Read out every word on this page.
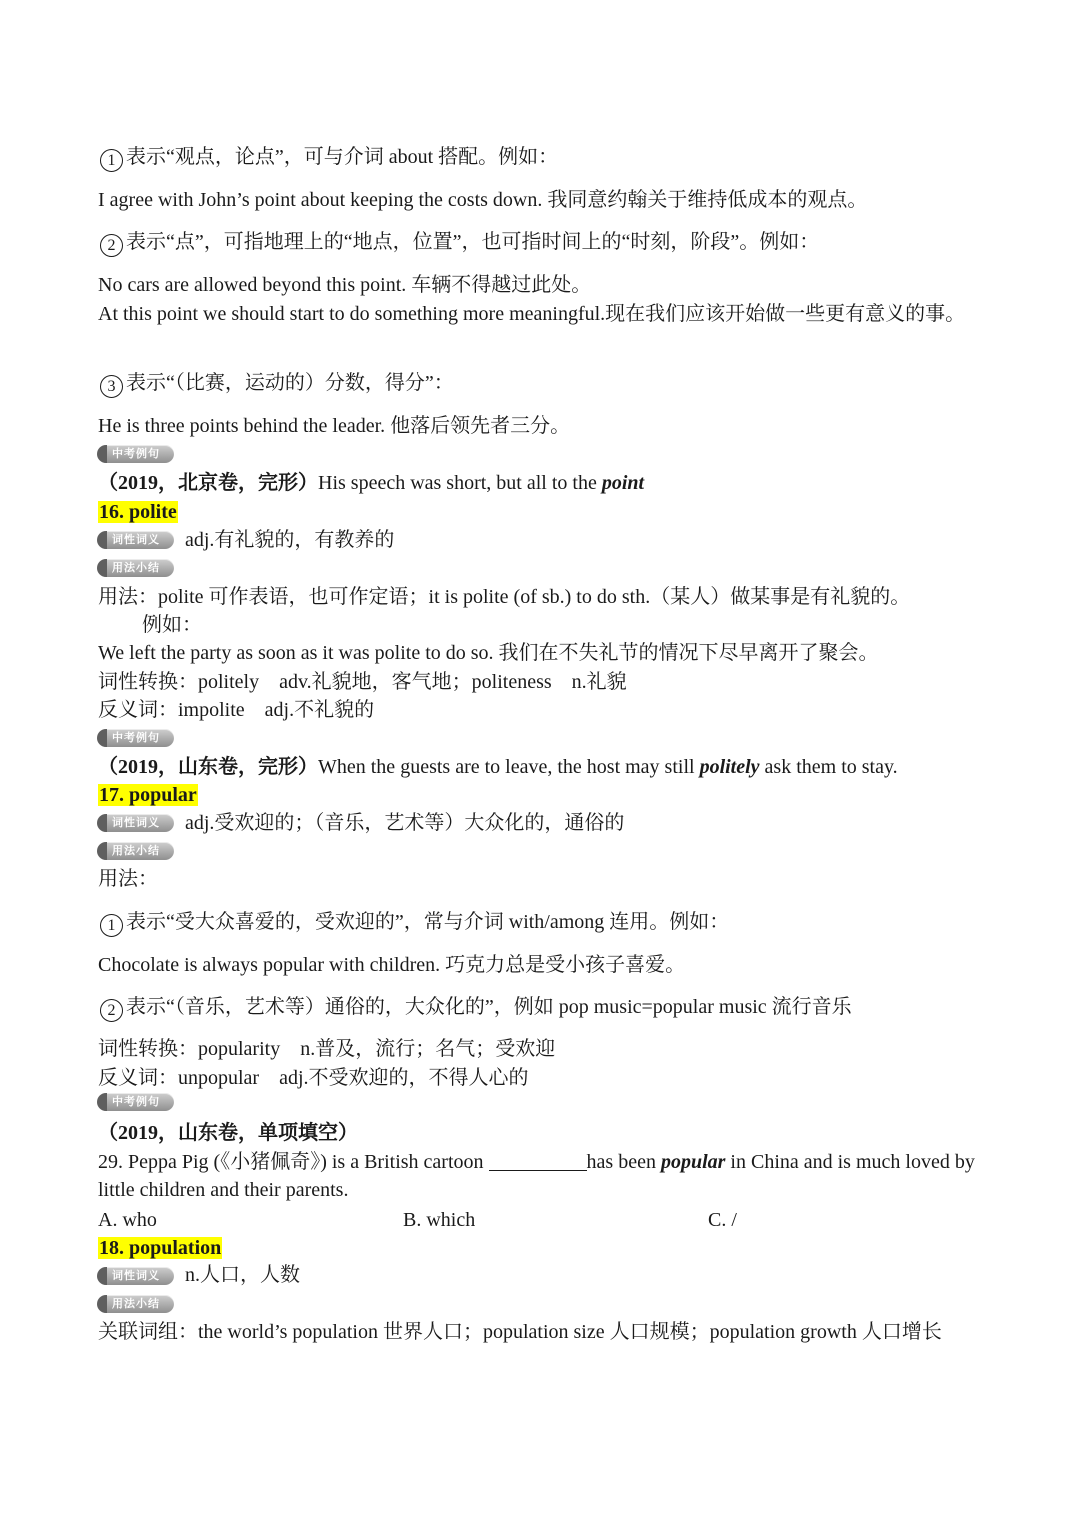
1 表示“观点，论点”，可与介词 about 搭配。例如：
I agree with John’s point about keeping the costs down. 我同意约翰关于维持低成本的观点。
2 表示“点”，可指地理上的“地点，位置”，也可指时间上的“时刻，阶段”。例如：
No cars are allowed beyond this point. 车辆不得越过此处。
At this point we should start to do something more meaningful.现在我们应该开始做一些更有意义的事。
3 表示“（比赛，运动的）分数，得分”：
He is three points behind the leader. 他落后领先者三分。
中考例句
（2019，北京卷，完形）His speech was short, but all to the point
16. polite
词性词义	adj.有礼貌的，有教养的
用法小结
用法：polite 可作表语，也可作定语；it is polite (of sb.) to do sth.（某人）做某事是有礼貌的。
例如：
We left the party as soon as it was polite to do so. 我们在不失礼节的情况下尽早离开了聚会。
词性转换：politely　adv.礼貌地，客气地；politeness　n.礼貌
反义词：impolite　adj.不礼貌的
中考例句
（2019，山东卷，完形）When the guests are to leave, the host may still politely ask them to stay.
17. popular
词性词义	adj.受欢迎的；（音乐，艺术等）大众化的，通俗的
用法小结
用法：
1 表示“受大众喜爱的，受欢迎的”，常与介词 with/among 连用。例如：
Chocolate is always popular with children. 巧克力总是受小孩子喜爱。
2 表示“（音乐，艺术等）通俗的，大众化的”，例如 pop music=popular music 流行音乐
词性转换：popularity　n.普及，流行；名气；受欢迎
反义词：unpopular　adj.不受欢迎的，不得人心的
中考例句
（2019，山东卷，单项填空）
29. Peppa Pig (《小猪佩奇》) is a British cartoon	has been popular in China and is much loved by little children and their parents.
A. who	B. which	C. /
18. population
词性词义	n.人口，人数
用法小结
关联词组：the world’s population 世界人口；population size 人口规模；population growth 人口增长
